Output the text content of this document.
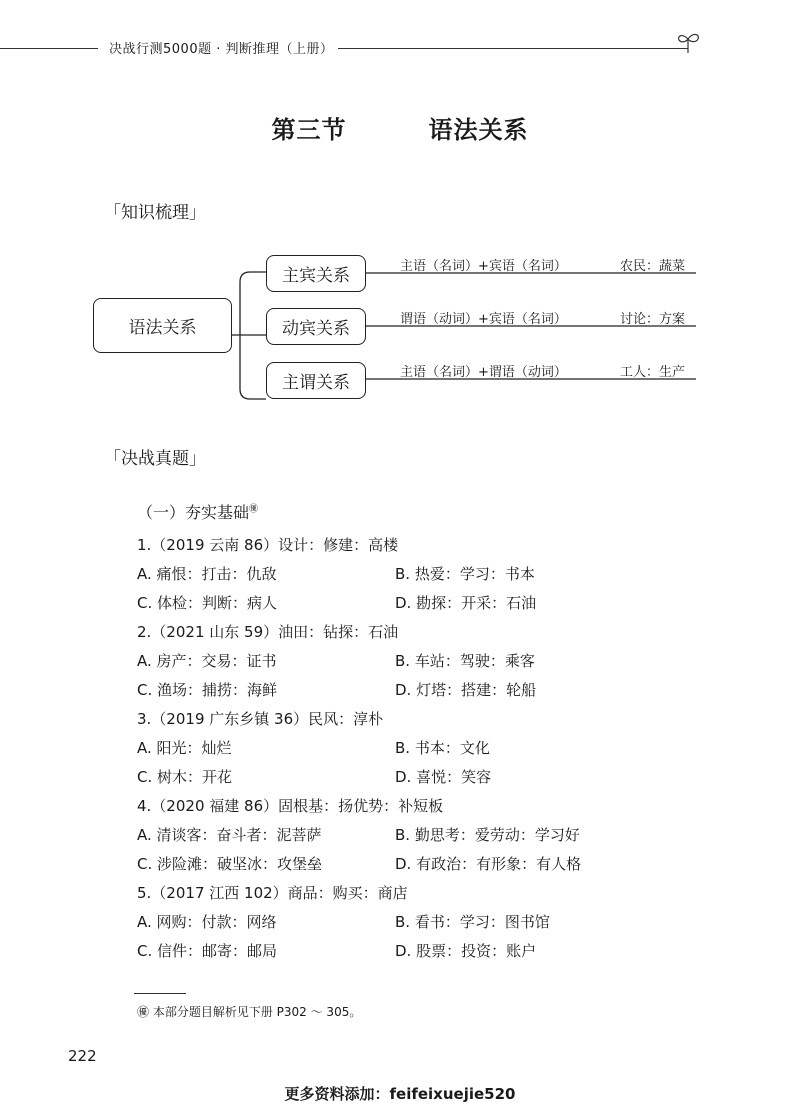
决战行测5000题 · 判断推理（上册）
第三节   语法关系
「知识梳理」
语法关系
主宾关系
动宾关系
主谓关系
主语（名词）+宾语（名词）	农民：蔬菜
谓语（动词）+宾语（名词）	讨论：方案
主语（名词）+谓语（动词）	工人：生产
「决战真题」
（一）夯实基础㊝
1.（2019 云南 86）设计：修建：高楼
A. 痛恨：打击：仇敌	B. 热爱：学习：书本
C. 体检：判断：病人	D. 勘探：开采：石油
2.（2021 山东 59）油田：钻探：石油
A. 房产：交易：证书	B. 车站：驾驶：乘客
C. 渔场：捕捞：海鲜	D. 灯塔：搭建：轮船
3.（2019 广东乡镇 36）民风：淳朴
A. 阳光：灿烂	B. 书本：文化
C. 树木：开花	D. 喜悦：笑容
4.（2020 福建 86）固根基：扬优势：补短板
A. 清谈客：奋斗者：泥菩萨	B. 勤思考：爱劳动：学习好
C. 涉险滩：破坚冰：攻堡垒	D. 有政治：有形象：有人格
5.（2017 江西 102）商品：购买：商店
A. 网购：付款：网络	B. 看书：学习：图书馆
C. 信件：邮寄：邮局	D. 股票：投资：账户
㊝ 本部分题目解析见下册 P302 ～ 305。
222
更多资料添加：feifeixuejie520
